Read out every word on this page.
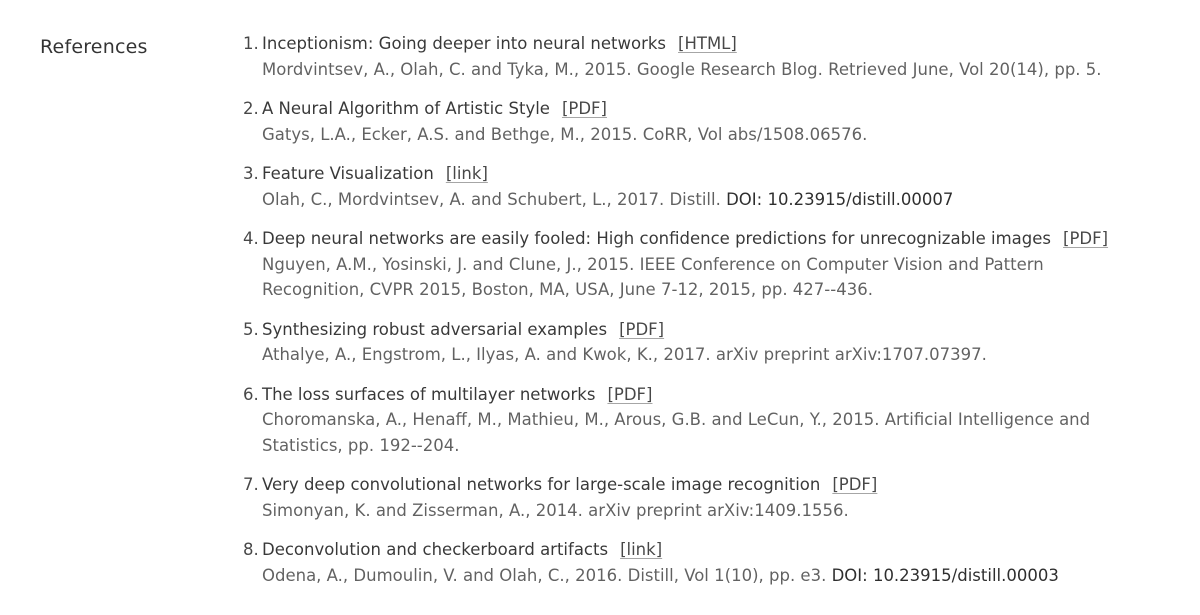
References	1. Inceptionism: Going deeper into neural networks [HTML]
Mordvintsev, A., Olah, C. and Tyka, M., 2015. Google Research Blog. Retrieved June, Vol 20(14), pp. 5.
2. A Neural Algorithm of Artistic Style [PDF]
Gatys, L.A., Ecker, A.S. and Bethge, M., 2015. CoRR, Vol abs/1508.06576.
3. Feature Visualization [link]
Olah, C., Mordvintsev, A. and Schubert, L., 2017. Distill. DOI: 10.23915/distill.00007
4. Deep neural networks are easily fooled: High confidence predictions for unrecognizable images [PDF]
Nguyen, A.M., Yosinski, J. and Clune, J., 2015. IEEE Conference on Computer Vision and Pattern Recognition, CVPR 2015, Boston, MA, USA, June 7-12, 2015, pp. 427--436.
5. Synthesizing robust adversarial examples [PDF]
Athalye, A., Engstrom, L., Ilyas, A. and Kwok, K., 2017. arXiv preprint arXiv:1707.07397.
6. The loss surfaces of multilayer networks [PDF]
Choromanska, A., Henaff, M., Mathieu, M., Arous, G.B. and LeCun, Y., 2015. Artificial Intelligence and Statistics, pp. 192--204.
7. Very deep convolutional networks for large-scale image recognition [PDF]
Simonyan, K. and Zisserman, A., 2014. arXiv preprint arXiv:1409.1556.
8. Deconvolution and checkerboard artifacts [link]
Odena, A., Dumoulin, V. and Olah, C., 2016. Distill, Vol 1(10), pp. e3. DOI: 10.23915/distill.00003
